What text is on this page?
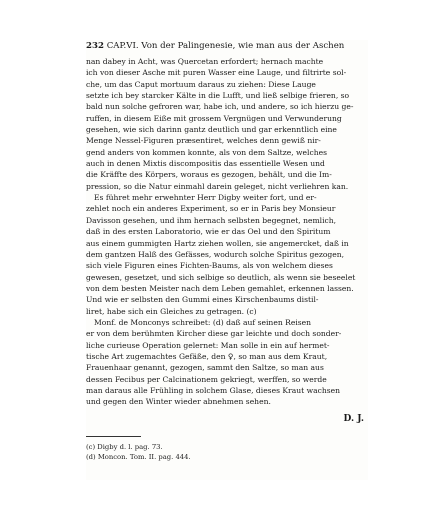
232 CAP.VI. Von der Palingenesie, wie man aus der Aschen
nan dabey in Acht, was Quercetan erfordert; hernach machte
ich von dieser Asche mit puren Wasser eine Lauge, und filtrirte sol-
che, um das Caput mortuum daraus zu ziehen: Diese Lauge
setzte ich bey starcker Kälte in die Lufft, und ließ selbige frieren, so
bald nun solche gefroren war, habe ich, und andere, so ich hierzu ge-
ruffen, in diesem Eiße mit grossem Vergnügen und Verwunderung
gesehen, wie sich darinn gantz deutlich und gar erkenntlich eine
Menge Nessel-Figuren præsentiret, welches denn gewiß nir-
gend anders von kommen konnte, als von dem Saltze, welches
auch in denen Mixtis discompositis das essentielle Wesen und
die Kräffte des Körpers, woraus es gezogen, behält, und die Im-
pression, so die Natur einmahl darein geleget, nicht verliehren kan.
Es führet mehr erwehnter Herr Digby weiter fort, und er-
zehlet noch ein anderes Experiment, so er in Paris bey Monsieur
Davisson gesehen, und ihm hernach selbsten begegnet, nemlich,
daß in des ersten Laboratorio, wie er das Oel und den Spiritum
aus einem gummigten Hartz ziehen wollen, sie angemercket, daß in
dem gantzen Halß des Gefässes, wodurch solche Spiritus gezogen,
sich viele Figuren eines Fichten-Baums, als von welchem dieses
gewesen, gesetzet, und sich selbige so deutlich, als wenn sie beseelet
von dem besten Meister nach dem Leben gemahlet, erkennen lassen.
Und wie er selbsten den Gummi eines Kirschenbaums distil-
liret, habe sich ein Gleiches zu getragen. (c)
Monf. de Monconys schreibet: (d) daß auf seinen Reisen
er von dem berühmten Kircher diese gar leichte und doch sonder-
liche curieuse Operation gelernet: Man solle in ein auf hermet-
tische Art zugemachtes Gefäße, den ♀, so man aus dem Kraut,
Frauenhaar genannt, gezogen, sammt den Saltze, so man aus
dessen Fecibus per Calcinationem gekriegt, werffen, so werde
man daraus alle Frühling in solchem Glase, dieses Kraut wachsen
und gegen den Winter wieder abnehmen sehen.
D. J.
(c) Digby d. l. pag. 73.
(d) Moncon. Tom. II. pag. 444.
